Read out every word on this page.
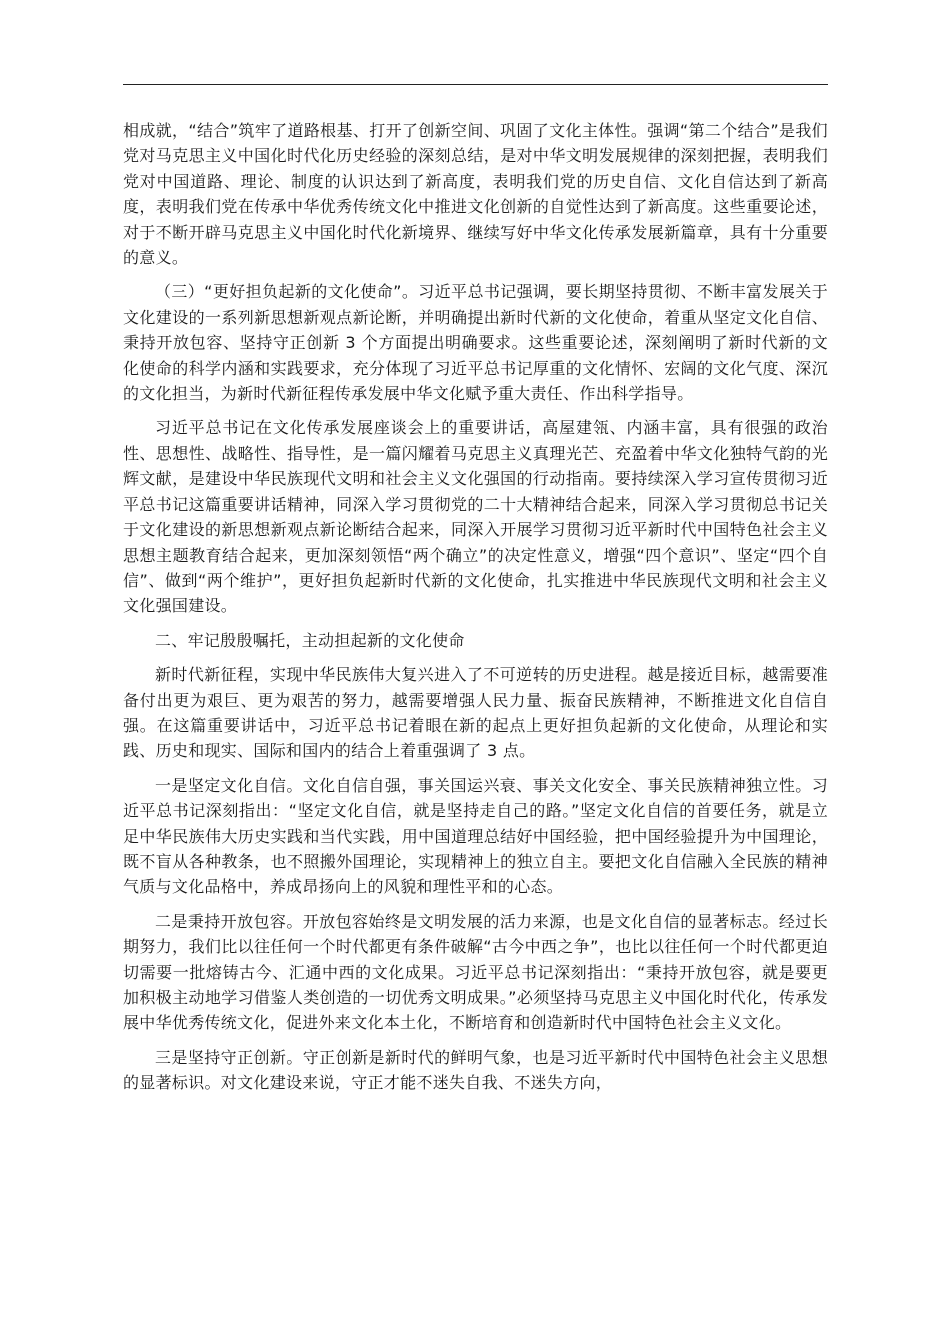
相成就，“结合”筑牢了道路根基、打开了创新空间、巩固了文化主体性。强调“第二个结合”是我们党对马克思主义中国化时代化历史经验的深刻总结，是对中华文明发展规律的深刻把握，表明我们党对中国道路、理论、制度的认识达到了新高度，表明我们党的历史自信、文化自信达到了新高度，表明我们党在传承中华优秀传统文化中推进文化创新的自觉性达到了新高度。这些重要论述，对于不断开辟马克思主义中国化时代化新境界、继续写好中华文化传承发展新篇章，具有十分重要的意义。

（三）“更好担负起新的文化使命”。习近平总书记强调，要长期坚持贯彻、不断丰富发展关于文化建设的一系列新思想新观点新论断，并明确提出新时代新的文化使命，着重从坚定文化自信、秉持开放包容、坚持守正创新 3 个方面提出明确要求。这些重要论述，深刻阐明了新时代新的文化使命的科学内涵和实践要求，充分体现了习近平总书记厚重的文化情怀、宏阔的文化气度、深沉的文化担当，为新时代新征程传承发展中华文化赋予重大责任、作出科学指导。

习近平总书记在文化传承发展座谈会上的重要讲话，高屋建瓴、内涵丰富，具有很强的政治性、思想性、战略性、指导性，是一篇闪耀着马克思主义真理光芒、充盈着中华文化独特气韵的光辉文献，是建设中华民族现代文明和社会主义文化强国的行动指南。要持续深入学习宣传贯彻习近平总书记这篇重要讲话精神，同深入学习贯彻党的二十大精神结合起来，同深入学习贯彻总书记关于文化建设的新思想新观点新论断结合起来，同深入开展学习贯彻习近平新时代中国特色社会主义思想主题教育结合起来，更加深刻领悟“两个确立”的决定性意义，增强“四个意识”、坚定“四个自信”、做到“两个维护”，更好担负起新时代新的文化使命，扎实推进中华民族现代文明和社会主义文化强国建设。

二、牢记殷殷嘱托，主动担起新的文化使命

新时代新征程，实现中华民族伟大复兴进入了不可逆转的历史进程。越是接近目标，越需要准备付出更为艰巨、更为艰苦的努力，越需要增强人民力量、振奋民族精神，不断推进文化自信自强。在这篇重要讲话中，习近平总书记着眼在新的起点上更好担负起新的文化使命，从理论和实践、历史和现实、国际和国内的结合上着重强调了 3 点。

一是坚定文化自信。文化自信自强，事关国运兴衰、事关文化安全、事关民族精神独立性。习近平总书记深刻指出：“坚定文化自信，就是坚持走自己的路。”坚定文化自信的首要任务，就是立足中华民族伟大历史实践和当代实践，用中国道理总结好中国经验，把中国经验提升为中国理论，既不盲从各种教条，也不照搬外国理论，实现精神上的独立自主。要把文化自信融入全民族的精神气质与文化品格中，养成昂扬向上的风貌和理性平和的心态。

二是秉持开放包容。开放包容始终是文明发展的活力来源，也是文化自信的显著标志。经过长期努力，我们比以往任何一个时代都更有条件破解“古今中西之争”，也比以往任何一个时代都更迫切需要一批熔铸古今、汇通中西的文化成果。习近平总书记深刻指出：“秉持开放包容，就是要更加积极主动地学习借鉴人类创造的一切优秀文明成果。”必须坚持马克思主义中国化时代化，传承发展中华优秀传统文化，促进外来文化本土化，不断培育和创造新时代中国特色社会主义文化。

三是坚持守正创新。守正创新是新时代的鲜明气象，也是习近平新时代中国特色社会主义思想的显著标识。对文化建设来说，守正才能不迷失自我、不迷失方向，
